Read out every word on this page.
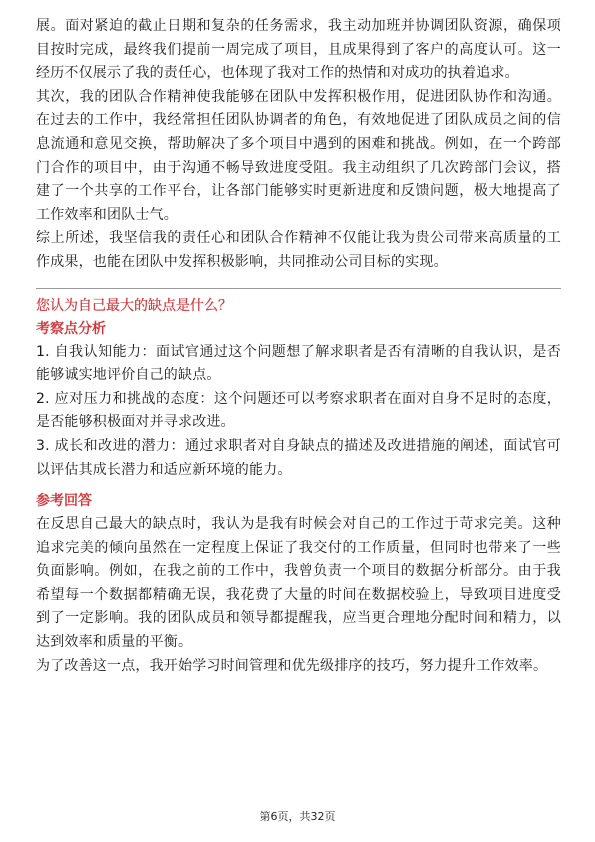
展。面对紧迫的截止日期和复杂的任务需求，我主动加班并协调团队资源，确保项目按时完成，最终我们提前一周完成了项目，且成果得到了客户的高度认可。这一经历不仅展示了我的责任心，也体现了我对工作的热情和对成功的执着追求。

其次，我的团队合作精神使我能够在团队中发挥积极作用，促进团队协作和沟通。在过去的工作中，我经常担任团队协调者的角色，有效地促进了团队成员之间的信息流通和意见交换，帮助解决了多个项目中遇到的困难和挑战。例如，在一个跨部门合作的项目中，由于沟通不畅导致进度受阻。我主动组织了几次跨部门会议，搭建了一个共享的工作平台，让各部门能够实时更新进度和反馈问题，极大地提高了工作效率和团队士气。

综上所述，我坚信我的责任心和团队合作精神不仅能让我为贵公司带来高质量的工作成果，也能在团队中发挥积极影响，共同推动公司目标的实现。

您认为自己最大的缺点是什么？

考察点分析

1. 自我认知能力：面试官通过这个问题想了解求职者是否有清晰的自我认识，是否能够诚实地评价自己的缺点。

2. 应对压力和挑战的态度：这个问题还可以考察求职者在面对自身不足时的态度，是否能够积极面对并寻求改进。

3. 成长和改进的潜力：通过求职者对自身缺点的描述及改进措施的阐述，面试官可以评估其成长潜力和适应新环境的能力。

参考回答

在反思自己最大的缺点时，我认为是我有时候会对自己的工作过于苛求完美。这种追求完美的倾向虽然在一定程度上保证了我交付的工作质量，但同时也带来了一些负面影响。例如，在我之前的工作中，我曾负责一个项目的数据分析部分。由于我希望每一个数据都精确无误，我花费了大量的时间在数据校验上，导致项目进度受到了一定影响。我的团队成员和领导都提醒我，应当更合理地分配时间和精力，以达到效率和质量的平衡。

为了改善这一点，我开始学习时间管理和优先级排序的技巧，努力提升工作效率。

第6页，共32页
